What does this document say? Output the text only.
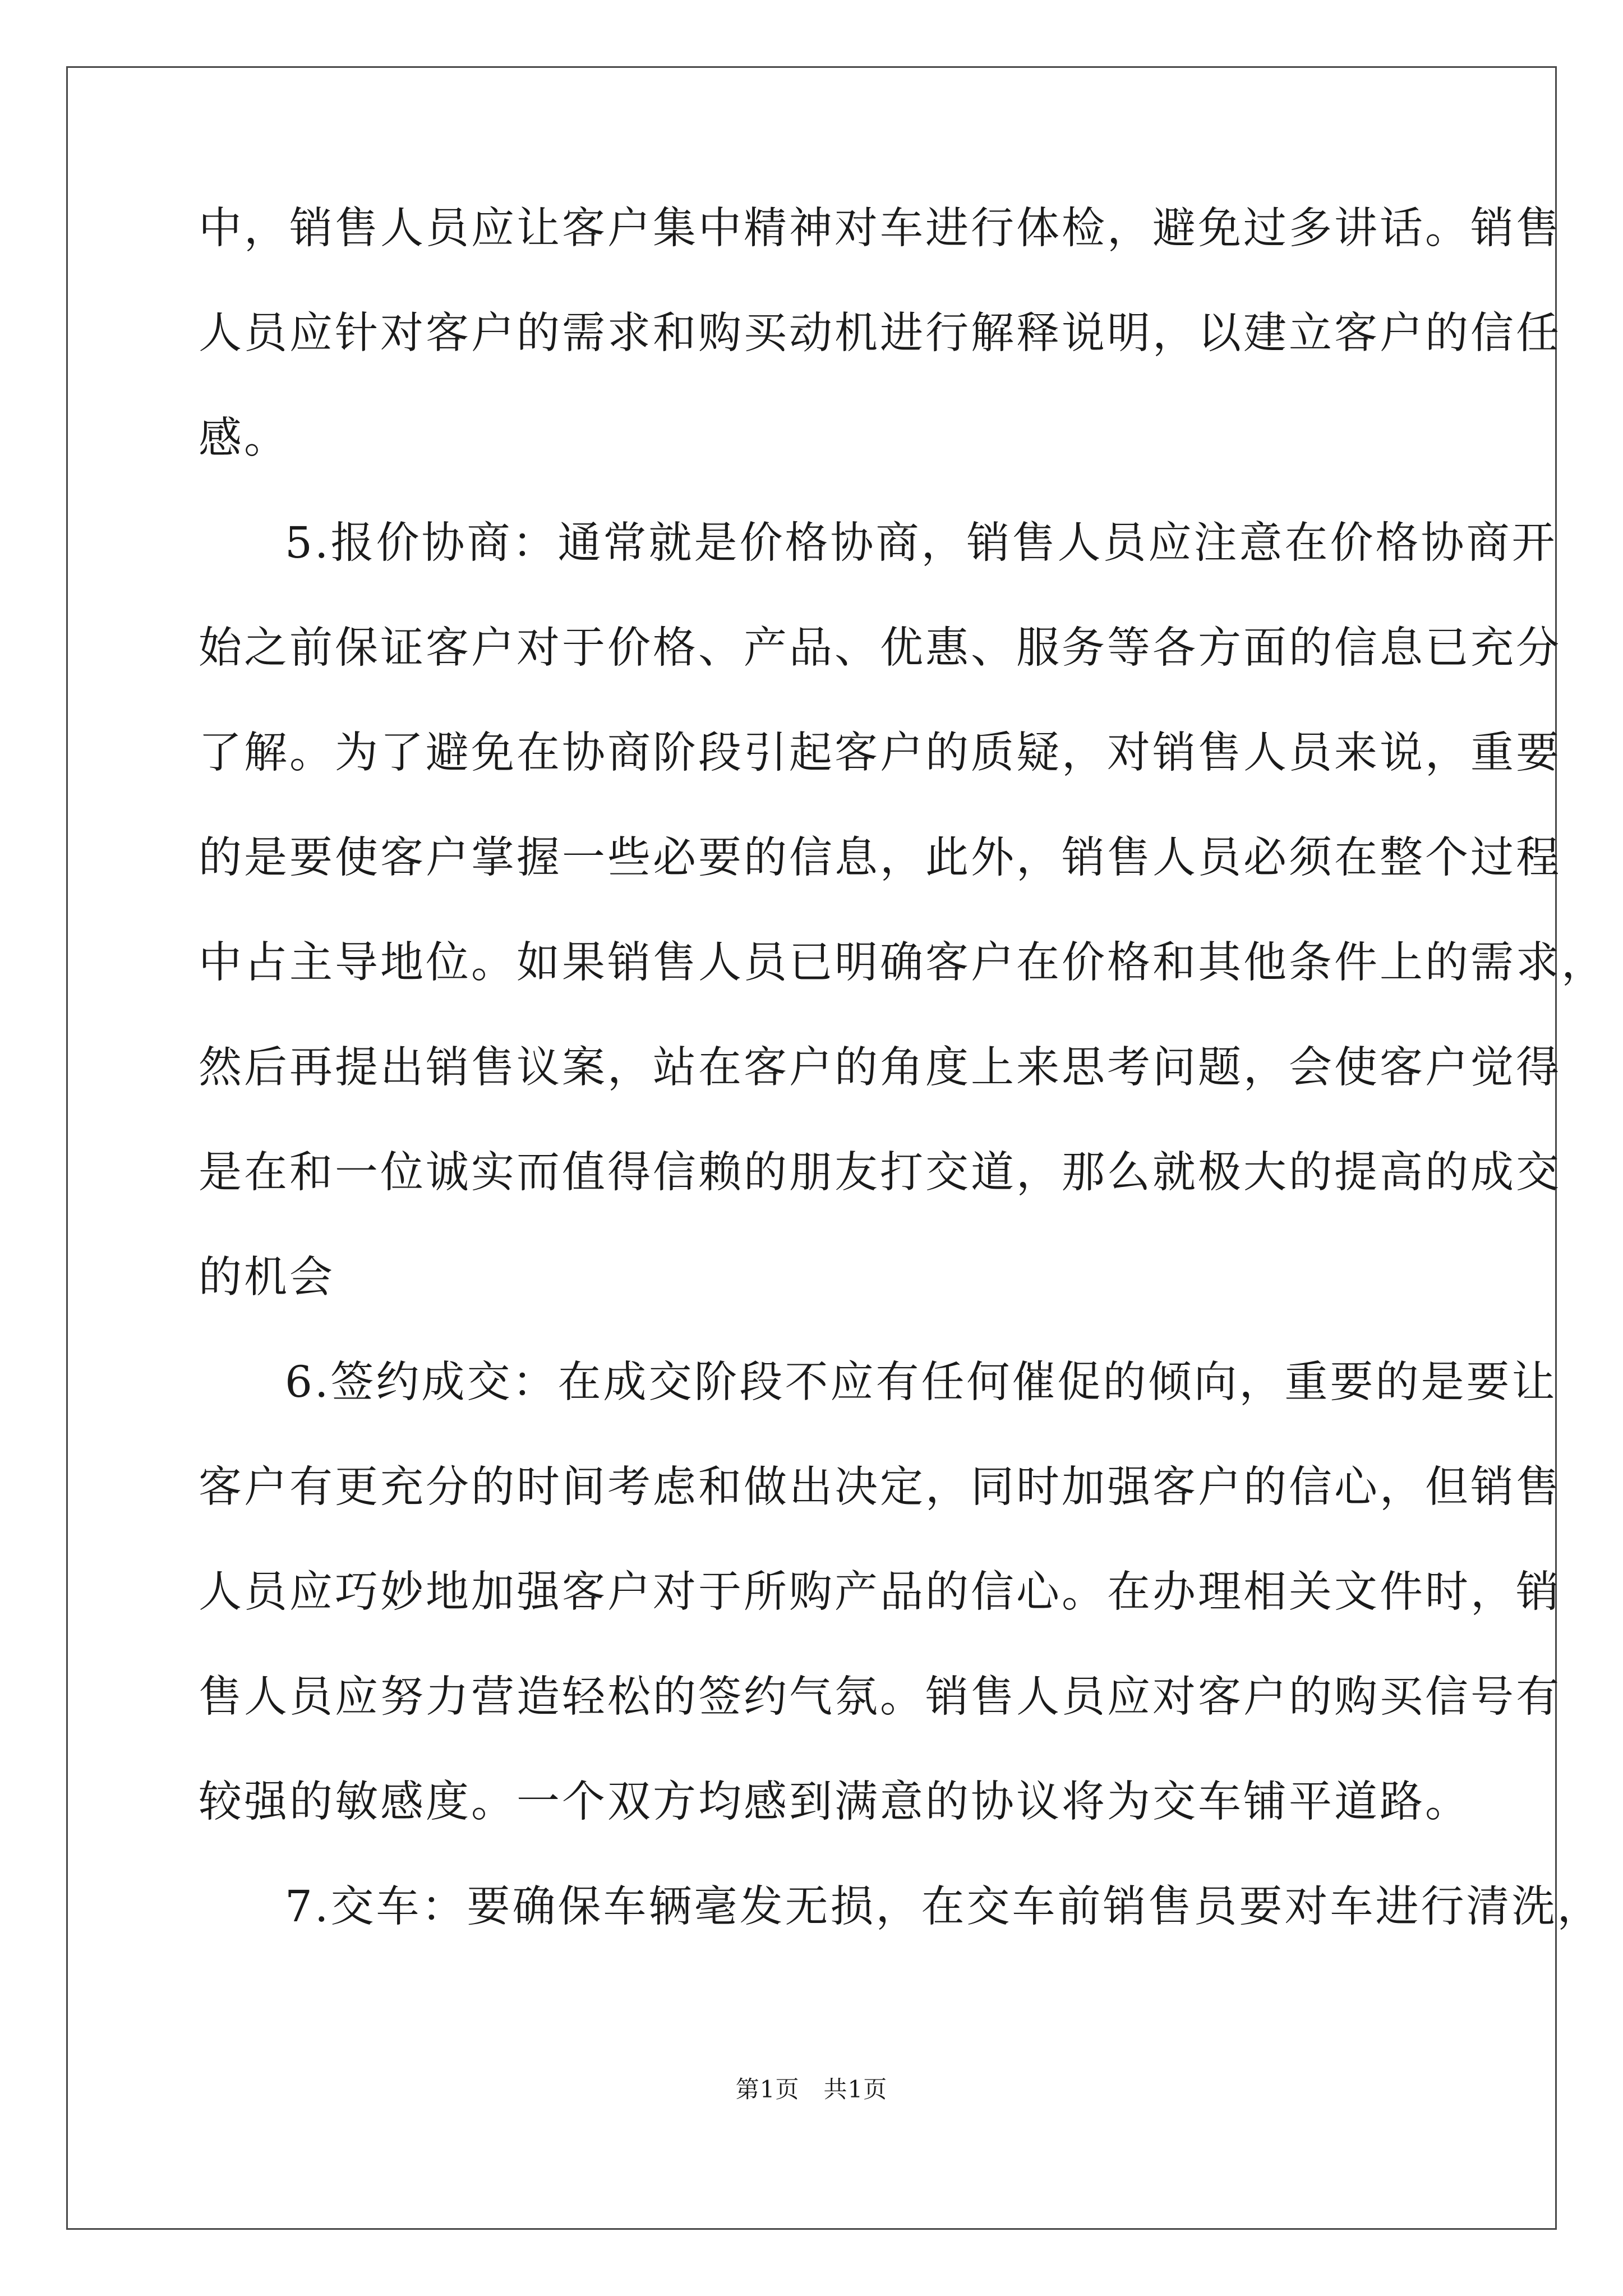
中，销售人员应让客户集中精神对车进行体检，避免过多讲话。销售
人员应针对客户的需求和购买动机进行解释说明，以建立客户的信任
感。
5.报价协商：通常就是价格协商，销售人员应注意在价格协商开
始之前保证客户对于价格、产品、优惠、服务等各方面的信息已充分
了解。为了避免在协商阶段引起客户的质疑，对销售人员来说，重要
的是要使客户掌握一些必要的信息，此外，销售人员必须在整个过程
中占主导地位。如果销售人员已明确客户在价格和其他条件上的需求，
然后再提出销售议案，站在客户的角度上来思考问题，会使客户觉得
是在和一位诚实而值得信赖的朋友打交道，那么就极大的提高的成交
的机会
6.签约成交：在成交阶段不应有任何催促的倾向，重要的是要让
客户有更充分的时间考虑和做出决定，同时加强客户的信心，但销售
人员应巧妙地加强客户对于所购产品的信心。在办理相关文件时，销
售人员应努力营造轻松的签约气氛。销售人员应对客户的购买信号有
较强的敏感度。一个双方均感到满意的协议将为交车铺平道路。
7.交车：要确保车辆毫发无损，在交车前销售员要对车进行清洗，
第1页　共1页
